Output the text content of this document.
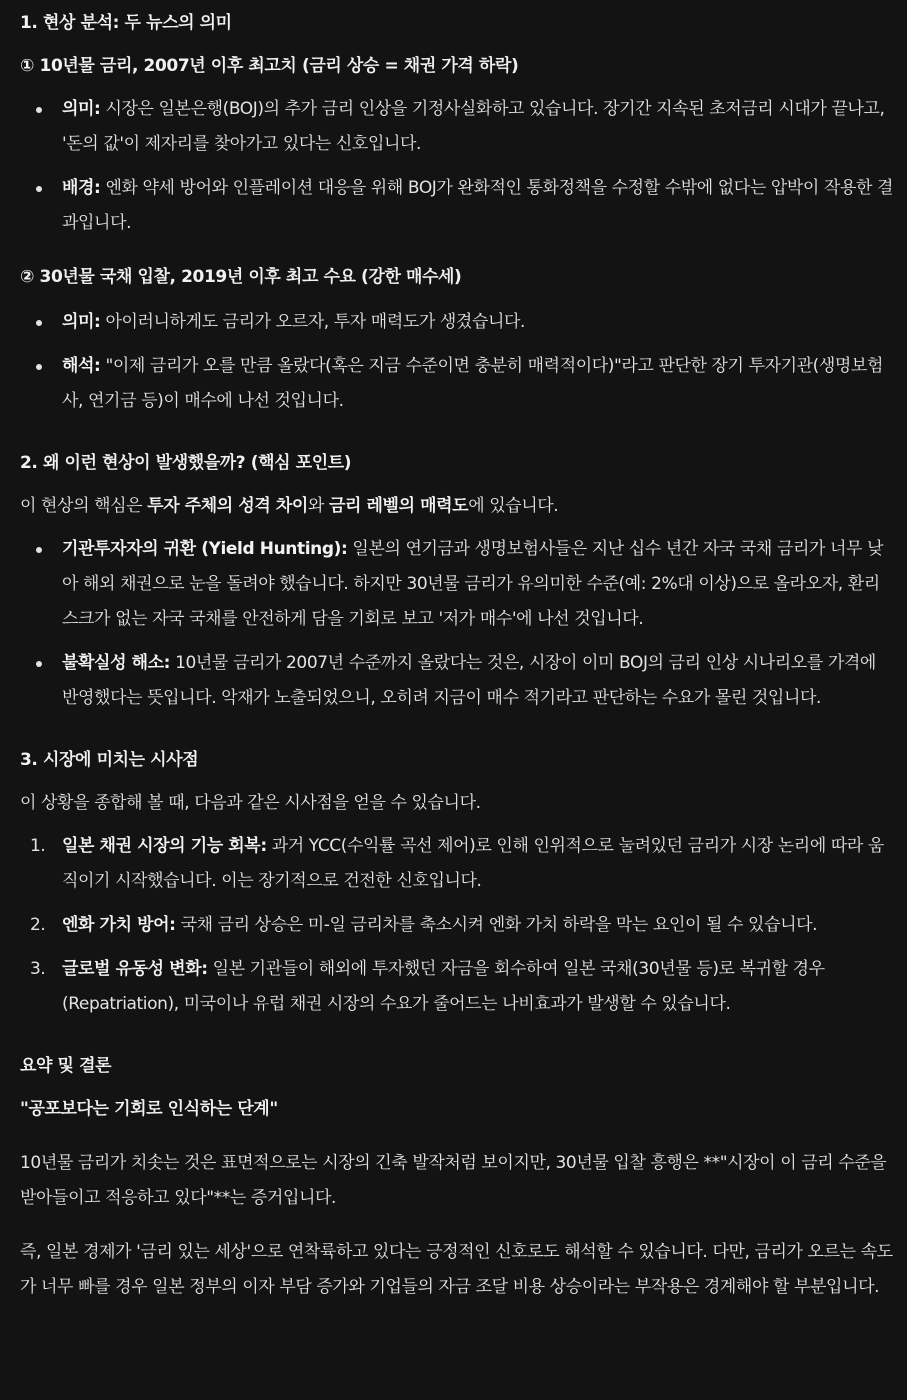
1. 현상 분석: 두 뉴스의 의미

① 10년물 금리, 2007년 이후 최고치 (금리 상승 = 채권 가격 하락)

의미: 시장은 일본은행(BOJ)의 추가 금리 인상을 기정사실화하고 있습니다. 장기간 지속된 초저금리 시대가 끝나고, '돈의 값'이 제자리를 찾아가고 있다는 신호입니다.
배경: 엔화 약세 방어와 인플레이션 대응을 위해 BOJ가 완화적인 통화정책을 수정할 수밖에 없다는 압박이 작용한 결과입니다.

② 30년물 국채 입찰, 2019년 이후 최고 수요 (강한 매수세)

의미: 아이러니하게도 금리가 오르자, 투자 매력도가 생겼습니다.
해석: "이제 금리가 오를 만큼 올랐다(혹은 지금 수준이면 충분히 매력적이다)"라고 판단한 장기 투자기관(생명보험사, 연기금 등)이 매수에 나선 것입니다.

2. 왜 이런 현상이 발생했을까? (핵심 포인트)

이 현상의 핵심은 투자 주체의 성격 차이와 금리 레벨의 매력도에 있습니다.

기관투자자의 귀환 (Yield Hunting): 일본의 연기금과 생명보험사들은 지난 십수 년간 자국 국채 금리가 너무 낮아 해외 채권으로 눈을 돌려야 했습니다. 하지만 30년물 금리가 유의미한 수준(예: 2%대 이상)으로 올라오자, 환리스크가 없는 자국 국채를 안전하게 담을 기회로 보고 '저가 매수'에 나선 것입니다.
불확실성 해소: 10년물 금리가 2007년 수준까지 올랐다는 것은, 시장이 이미 BOJ의 금리 인상 시나리오를 가격에 반영했다는 뜻입니다. 악재가 노출되었으니, 오히려 지금이 매수 적기라고 판단하는 수요가 몰린 것입니다.

3. 시장에 미치는 시사점

이 상황을 종합해 볼 때, 다음과 같은 시사점을 얻을 수 있습니다.

1. 일본 채권 시장의 기능 회복: 과거 YCC(수익률 곡선 제어)로 인해 인위적으로 눌려있던 금리가 시장 논리에 따라 움직이기 시작했습니다. 이는 장기적으로 건전한 신호입니다.
2. 엔화 가치 방어: 국채 금리 상승은 미-일 금리차를 축소시켜 엔화 가치 하락을 막는 요인이 될 수 있습니다.
3. 글로벌 유동성 변화: 일본 기관들이 해외에 투자했던 자금을 회수하여 일본 국채(30년물 등)로 복귀할 경우(Repatriation), 미국이나 유럽 채권 시장의 수요가 줄어드는 나비효과가 발생할 수 있습니다.

요약 및 결론

"공포보다는 기회로 인식하는 단계"

10년물 금리가 치솟는 것은 표면적으로는 시장의 긴축 발작처럼 보이지만, 30년물 입찰 흥행은 **"시장이 이 금리 수준을 받아들이고 적응하고 있다"**는 증거입니다.

즉, 일본 경제가 '금리 있는 세상'으로 연착륙하고 있다는 긍정적인 신호로도 해석할 수 있습니다. 다만, 금리가 오르는 속도가 너무 빠를 경우 일본 정부의 이자 부담 증가와 기업들의 자금 조달 비용 상승이라는 부작용은 경계해야 할 부분입니다.
